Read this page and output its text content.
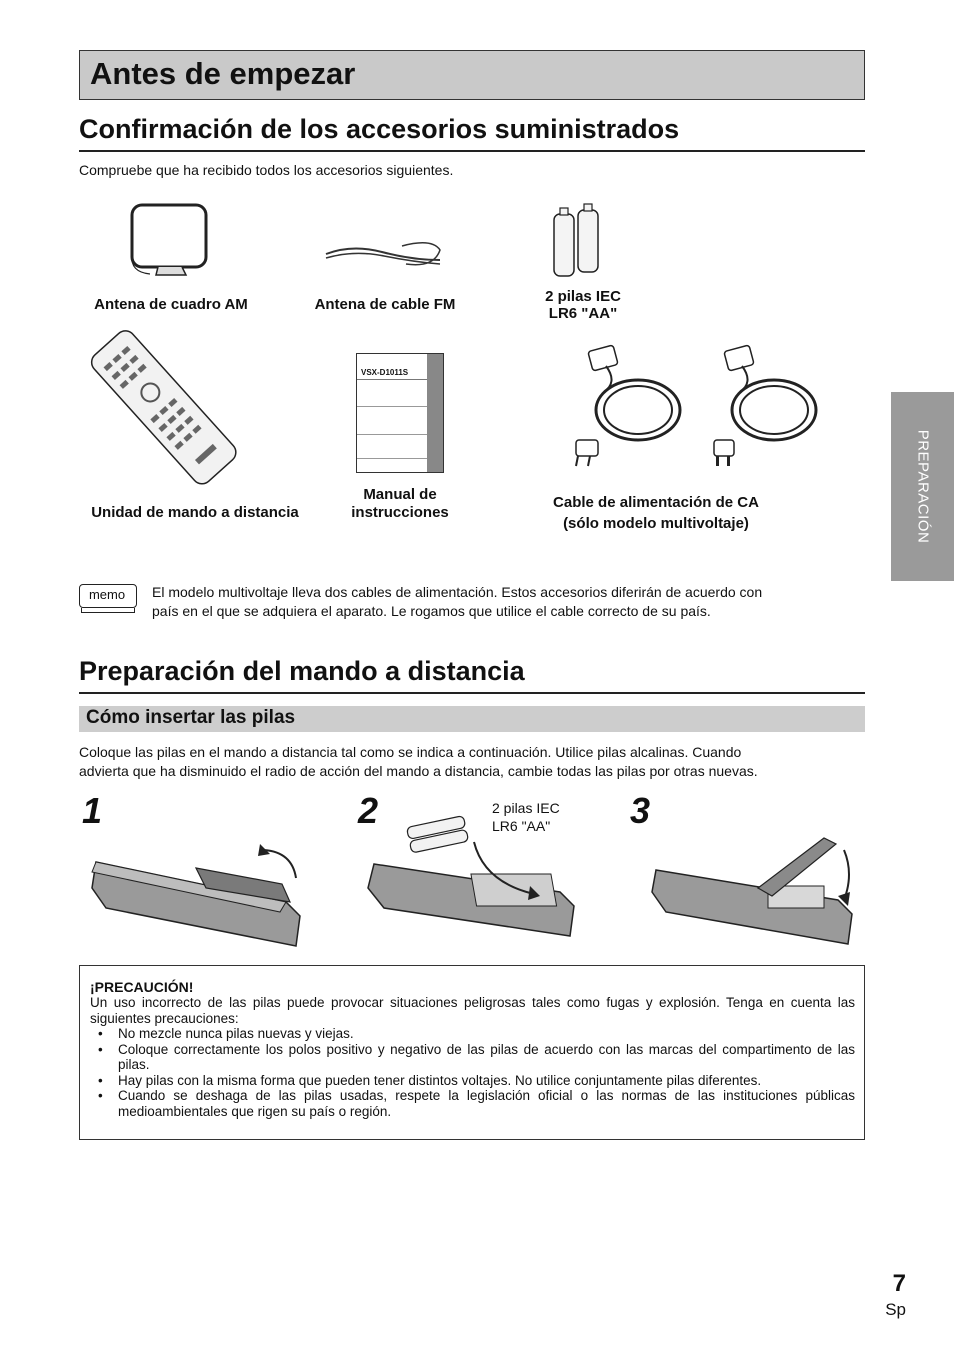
Antes de empezar
Confirmación de los accesorios suministrados
Compruebe que ha recibido todos los accesorios siguientes.
Antena de cuadro AM	Antena de cable FM	2 pilas IEC
LR6 "AA"
Unidad de mando a distancia
VSX-D1011S
Manual de
instrucciones
Cable de alimentación de CA
(sólo modelo multivoltaje)	PREPARACIÓN
memo	El modelo multivoltaje lleva dos cables de alimentación. Estos accesorios diferirán de acuerdo con
país en el que se adquiera el aparato. Le rogamos que utilice el cable correcto de su país.
Preparación del mando a distancia
Cómo insertar las pilas
Coloque las pilas en el mando a distancia tal como se indica a continuación. Utilice pilas alcalinas. Cuando
advierta que ha disminuido el radio de acción del mando a distancia, cambie todas las pilas por otras nuevas.
1	2	3
2 pilas IEC
LR6 "AA"
¡PRECAUCIÓN!
Un uso incorrecto de las pilas puede provocar situaciones peligrosas tales como fugas y explosión. Tenga en cuenta las siguientes precauciones:
• No mezcle nunca pilas nuevas y viejas.
• Coloque correctamente los polos positivo y negativo de las pilas de acuerdo con las marcas del compartimento de las pilas.
• Hay pilas con la misma forma que pueden tener distintos voltajes. No utilice conjuntamente pilas diferentes.
• Cuando se deshaga de las pilas usadas, respete la legislación oficial o las normas de las instituciones públicas medioambientales que rigen su país o región.
7
Sp
